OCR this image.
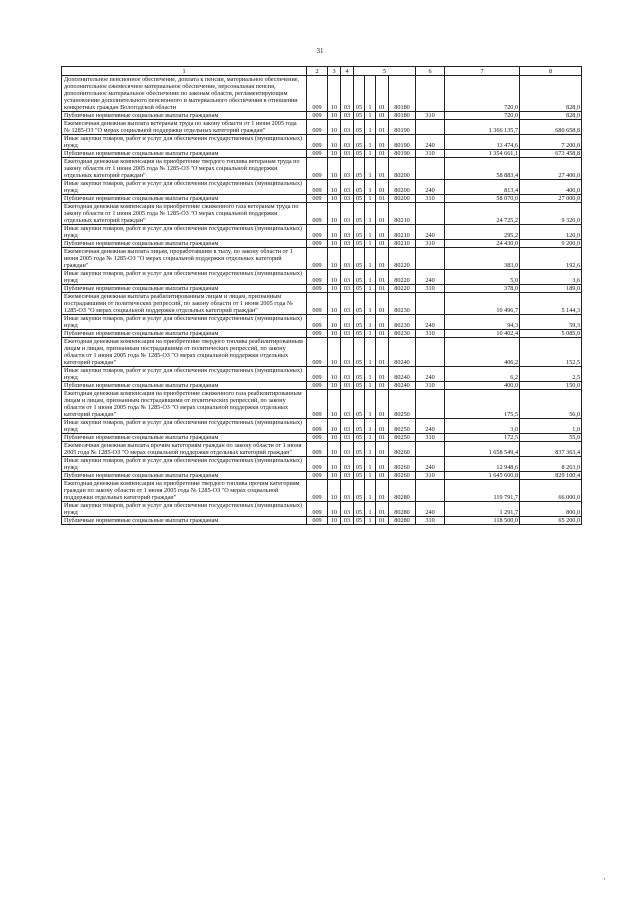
31
1	2	3	4	5				6	7	8
Дополнительное пенсионное обеспечение, доплата к пенсии, материальное обеспечение, дополнительное ежемесячное материальное обеспечение, персональная пенсия, дополнительное материальное обеспечение по законам области, регламентирующим установление дополнительного пенсионного и материального обеспечения в отношении конкретных граждан Вологодской области	009	10	03	05	1	01	80180		720,0	828,0
Публичные нормативные социальные выплаты гражданам	009	10	03	05	1	01	80180	310	720,0	828,0
Ежемесячная денежная выплата ветеранам труда по закону области от 1 июня 2005 года № 1285-ОЗ "О мерах социальной поддержки отдельных категорий граждан"	009	10	03	05	1	01	80190		1 366 135,7	680 658,8
Иные закупки товаров, работ и услуг для обеспечения государственных (муниципальных) нужд	009	10	03	05	1	01	80190	240	11 474,6	7 200,0
Публичные нормативные социальные выплаты гражданам	009	10	03	05	1	01	80190	310	1 354 661,1	673 458,8
Ежегодная денежная компенсация на приобретение твердого топлива ветеранам труда по закону области от 1 июня 2005 года № 1285-ОЗ "О мерах социальной поддержки отдельных категорий граждан"	009	10	03	05	1	01	80200		58 883,4	27 400,0
Иные закупки товаров, работ и услуг для обеспечения государственных (муниципальных) нужд	009	10	03	05	1	01	80200	240	813,4	400,0
Публичные нормативные социальные выплаты гражданам	009	10	03	05	1	01	80200	310	58 070,0	27 000,0
Ежегодная денежная компенсация на приобретение сжиженного газа ветеранам труда по закону области от 1 июня 2005 года № 1285-ОЗ "О мерах социальной поддержки отдельных категорий граждан"	009	10	03	05	1	01	80210		24 725,2	9 320,0
Иные закупки товаров, работ и услуг для обеспечения государственных (муниципальных) нужд	009	10	03	05	1	01	80210	240	295,2	120,0
Публичные нормативные социальные выплаты гражданам	009	10	03	05	1	01	80210	310	24 430,0	9 200,0
Ежемесячная денежная выплата лицам, проработавшим в тылу, по закону области от 1 июня 2005 года № 1285-ОЗ "О мерах социальной поддержки отдельных категорий граждан"	009	10	03	05	1	01	80220		383,0	192,6
Иные закупки товаров, работ и услуг для обеспечения государственных (муниципальных) нужд	009	10	03	05	1	01	80220	240	5,0	3,6
Публичные нормативные социальные выплаты гражданам	009	10	03	05	1	01	80220	310	378,0	189,0
Ежемесячная денежная выплата реабилитированным лицам и лицам, признанным пострадавшими от политических репрессий, по закону области от 1 июня 2005 года № 1285-ОЗ "О мерах социальной поддержки отдельных категорий граждан"	009	10	03	05	1	01	80230		10 496,7	5 144,3
Иные закупки товаров, работ и услуг для обеспечения государственных (муниципальных) нужд	009	10	03	05	1	01	80230	240	94,3	59,3
Публичные нормативные социальные выплаты гражданам	009	10	03	05	1	01	80230	310	10 402,4	5 085,0
Ежегодная денежная компенсация на приобретение твердого топлива реабилитированным лицам и лицам, признанным пострадавшими от политических репрессий, по закону области от 1 июня 2005 года № 1285-ОЗ "О мерах социальной поддержки отдельных категорий граждан"	009	10	03	05	1	01	80240		406,2	152,5
Иные закупки товаров, работ и услуг для обеспечения государственных (муниципальных) нужд	009	10	03	05	1	01	80240	240	6,2	2,5
Публичные нормативные социальные выплаты гражданам	009	10	03	05	1	01	80240	310	400,0	150,0
Ежегодная денежная компенсация на приобретение сжиженного газа реабилитированным лицам и лицам, признанным пострадавшими от политических репрессий, по закону области от 1 июня 2005 года № 1285-ОЗ "О мерах социальной поддержки отдельных категорий граждан"	009	10	03	05	1	01	80250		175,5	56,0
Иные закупки товаров, работ и услуг для обеспечения государственных (муниципальных) нужд	009	10	03	05	1	01	80250	240	3,0	1,0
Публичные нормативные социальные выплаты гражданам	009	10	03	05	1	01	80250	310	172,5	55,0
Ежемесячная денежная выплата прочим категориям граждан по закону области от 1 июня 2005 года № 1285-ОЗ "О мерах социальной поддержки отдельных категорий граждан"	009	10	03	05	1	01	80260		1 658 549,4	837 363,4
Иные закупки товаров, работ и услуг для обеспечения государственных (муниципальных) нужд	009	10	03	05	1	01	80260	240	12 948,6	8 263,0
Публичные нормативные социальные выплаты гражданам	009	10	03	05	1	01	80260	310	1 645 600,8	829 100,4
Ежегодная денежная компенсация на приобретение твердого топлива прочим категориям граждан по закону области от 1 июня 2005 года № 1285-ОЗ "О мерах социальной поддержки отдельных категорий граждан"	009	10	03	05	1	01	80280		119 791,7	66 000,0
Иные закупки товаров, работ и услуг для обеспечения государственных (муниципальных) нужд	009	10	03	05	1	01	80280	240	1 291,7	800,0
Публичные нормативные социальные выплаты гражданам	009	10	03	05	1	01	80280	310	118 500,0	65 200,0
'
